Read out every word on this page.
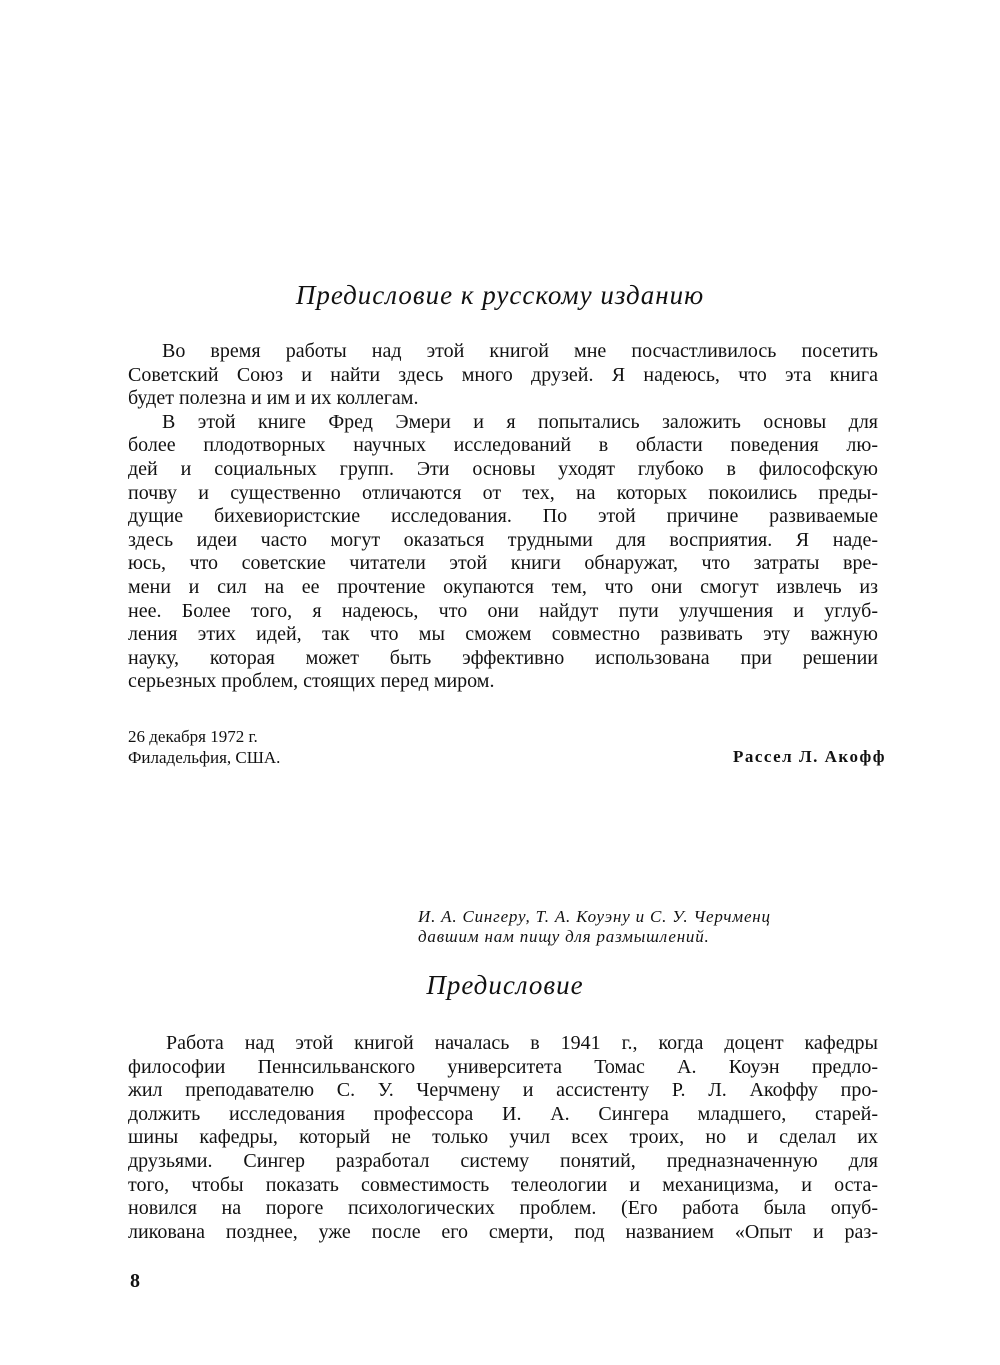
Предисловие к русскому изданию
Во время работы над этой книгой мне посчастливилось посетить
Советский Союз и найти здесь много друзей. Я надеюсь, что эта книга
будет полезна и им и их коллегам.
В этой книге Фред Эмери и я попытались заложить основы для
более плодотворных научных исследований в области поведения лю-
дей и социальных групп. Эти основы уходят глубоко в философскую
почву и существенно отличаются от тех, на которых покоились преды-
дущие бихевиористские исследования. По этой причине развиваемые
здесь идеи часто могут оказаться трудными для восприятия. Я наде-
юсь, что советские читатели этой книги обнаружат, что затраты вре-
мени и сил на ее прочтение окупаются тем, что они смогут извлечь из
нее. Более того, я надеюсь, что они найдут пути улучшения и углуб-
ления этих идей, так что мы сможем совместно развивать эту важную
науку, которая может быть эффективно использована при решении
серьезных проблем, стоящих перед миром.
26 декабря 1972 г.
Филадельфия, США.	Рассел Л. Акофф
И. А. Сингеру, Т. А. Коуэну и С. У. Черчменц
давшим нам пищу для размышлений.
Предисловие
Работа над этой книгой началась в 1941 г., когда доцент кафедры
философии Пеннсильванского университета Томас А. Коуэн предло-
жил преподавателю С. У. Черчмену и ассистенту Р. Л. Акоффу про-
должить исследования профессора И. А. Сингера младшего, старей-
шины кафедры, который не только учил всех троих, но и сделал их
друзьями. Сингер разработал систему понятий, предназначенную для
того, чтобы показать совместимость телеологии и механицизма, и оста-
новился на пороге психологических проблем. (Его работа была опуб-
ликована позднее, уже после его смерти, под названием «Опыт и раз-
8
